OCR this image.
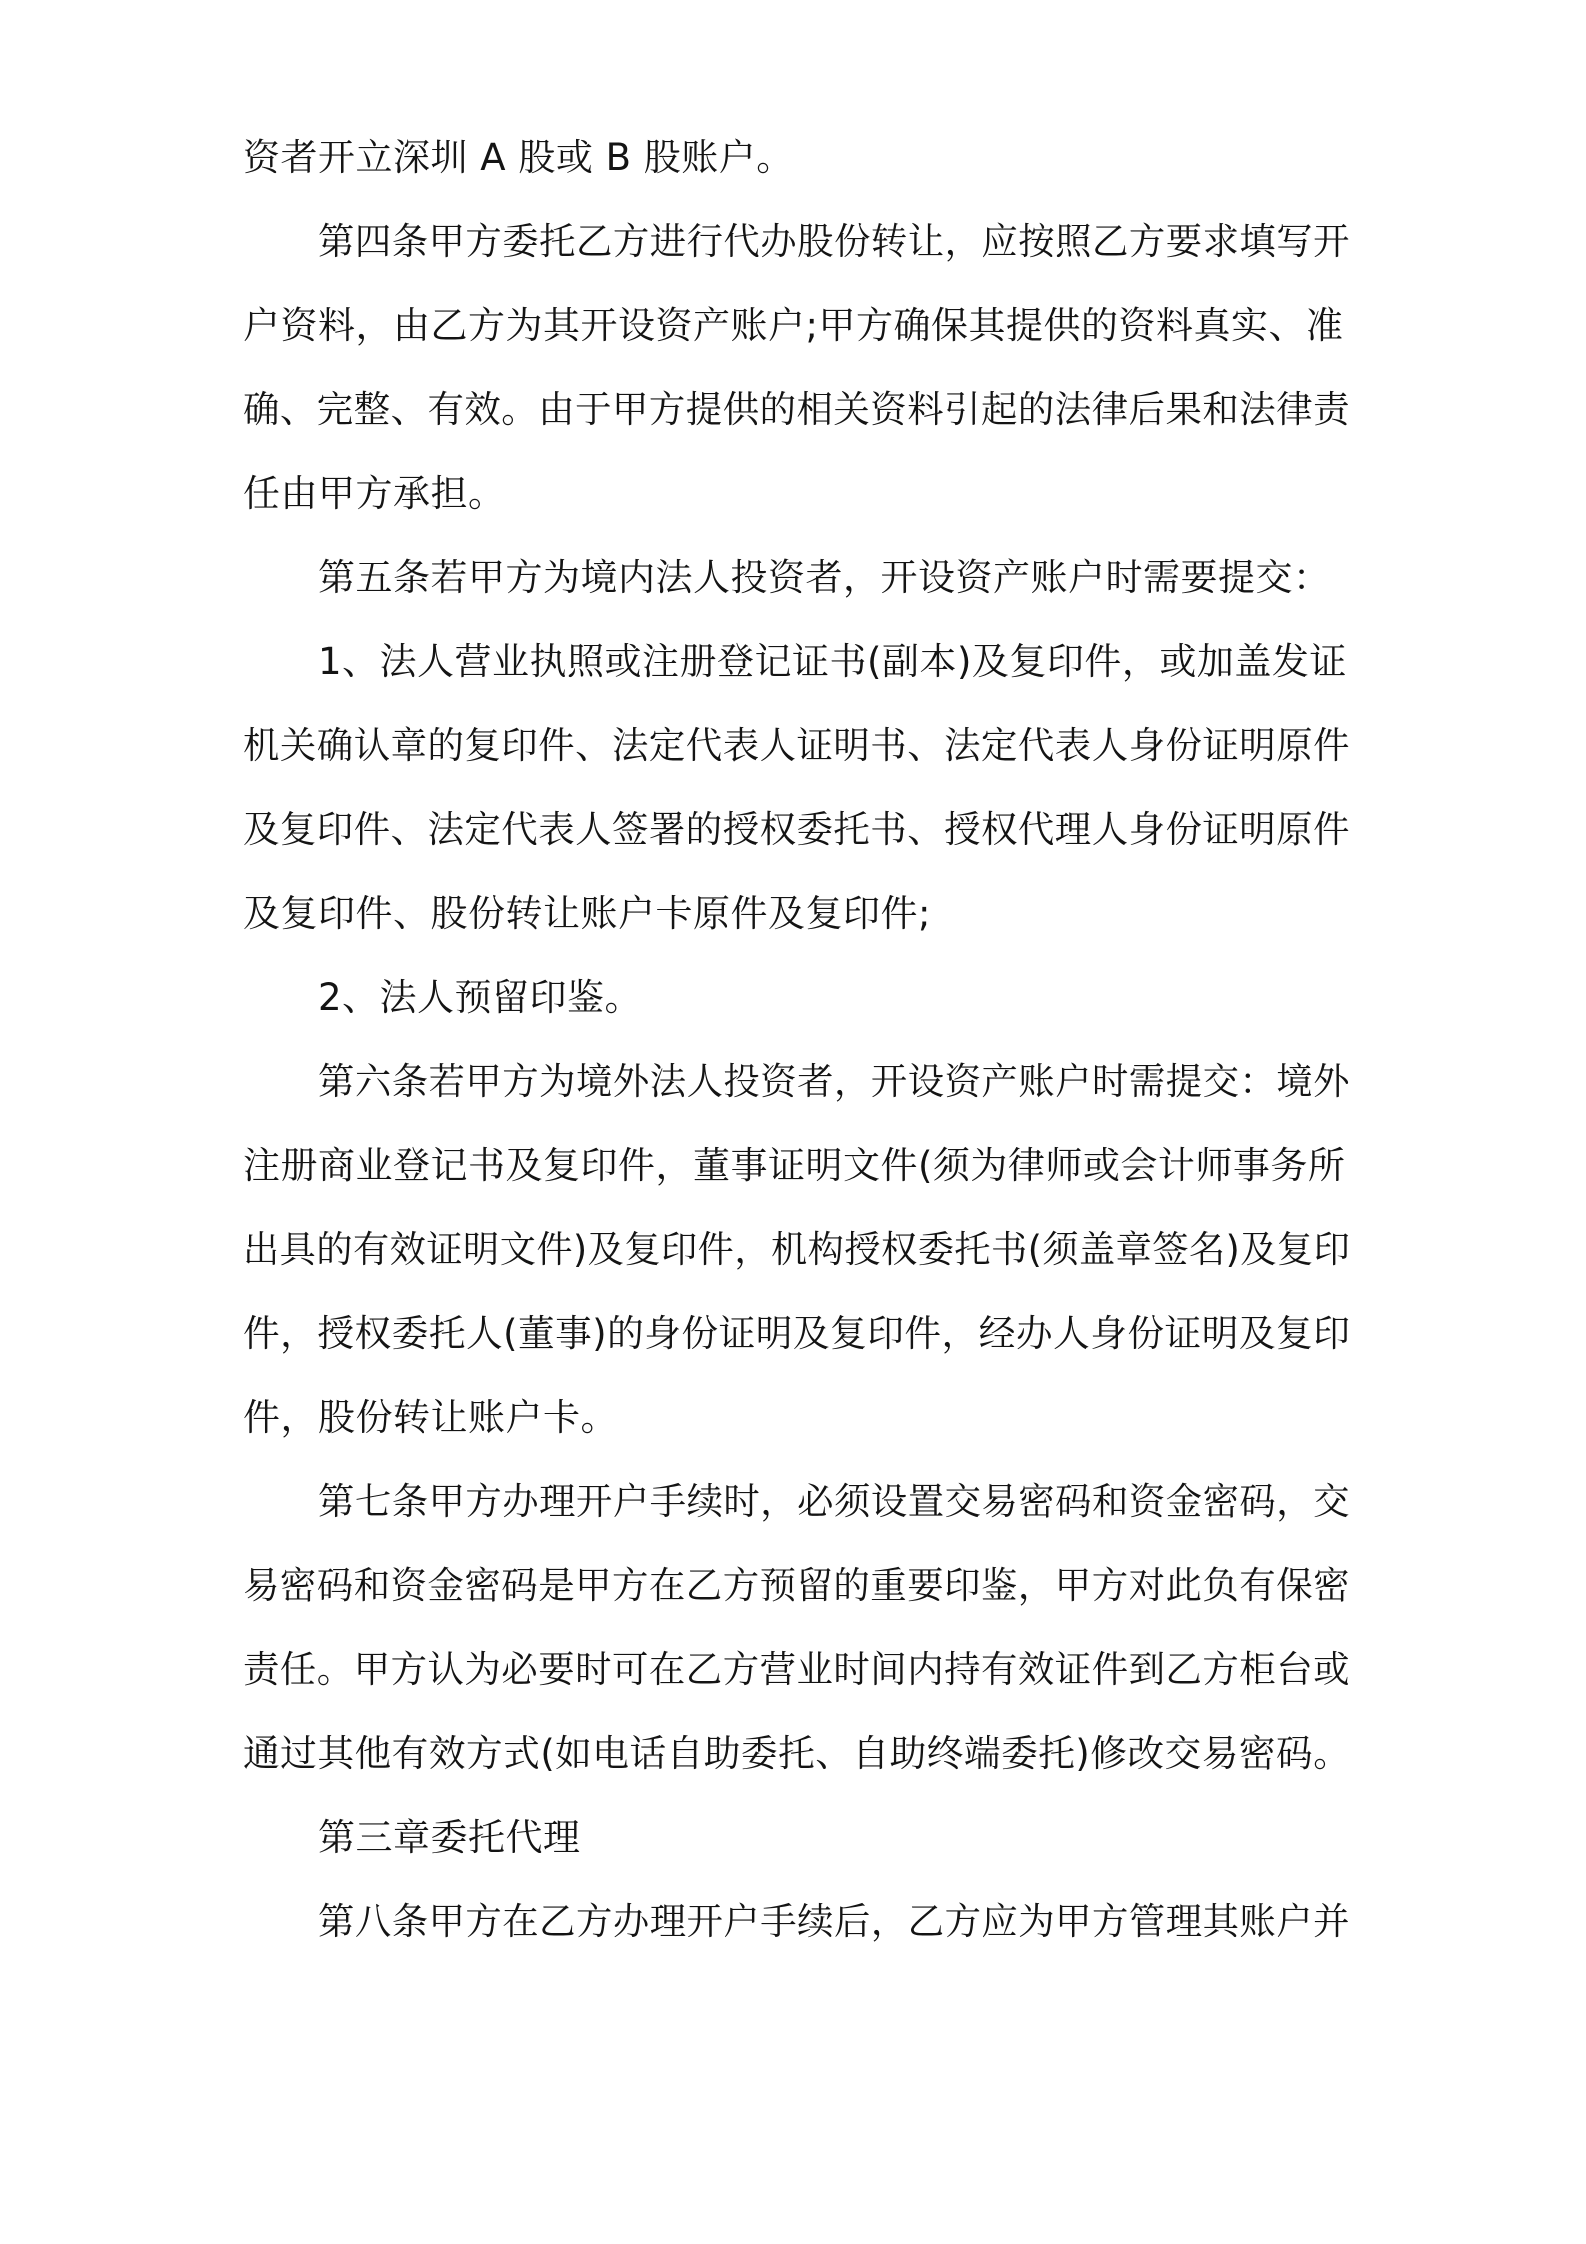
资者开立深圳 A 股或 B 股账户。
第四条甲方委托乙方进行代办股份转让，应按照乙方要求填写开
户资料，由乙方为其开设资产账户;甲方确保其提供的资料真实、准
确、完整、有效。由于甲方提供的相关资料引起的法律后果和法律责
任由甲方承担。
第五条若甲方为境内法人投资者，开设资产账户时需要提交：
1、法人营业执照或注册登记证书(副本)及复印件，或加盖发证
机关确认章的复印件、法定代表人证明书、法定代表人身份证明原件
及复印件、法定代表人签署的授权委托书、授权代理人身份证明原件
及复印件、股份转让账户卡原件及复印件;
2、法人预留印鉴。
第六条若甲方为境外法人投资者，开设资产账户时需提交：境外
注册商业登记书及复印件，董事证明文件(须为律师或会计师事务所
出具的有效证明文件)及复印件，机构授权委托书(须盖章签名)及复印
件，授权委托人(董事)的身份证明及复印件，经办人身份证明及复印
件，股份转让账户卡。
第七条甲方办理开户手续时，必须设置交易密码和资金密码，交
易密码和资金密码是甲方在乙方预留的重要印鉴，甲方对此负有保密
责任。甲方认为必要时可在乙方营业时间内持有效证件到乙方柜台或
通过其他有效方式(如电话自助委托、自助终端委托)修改交易密码。
第三章委托代理
第八条甲方在乙方办理开户手续后，乙方应为甲方管理其账户并
